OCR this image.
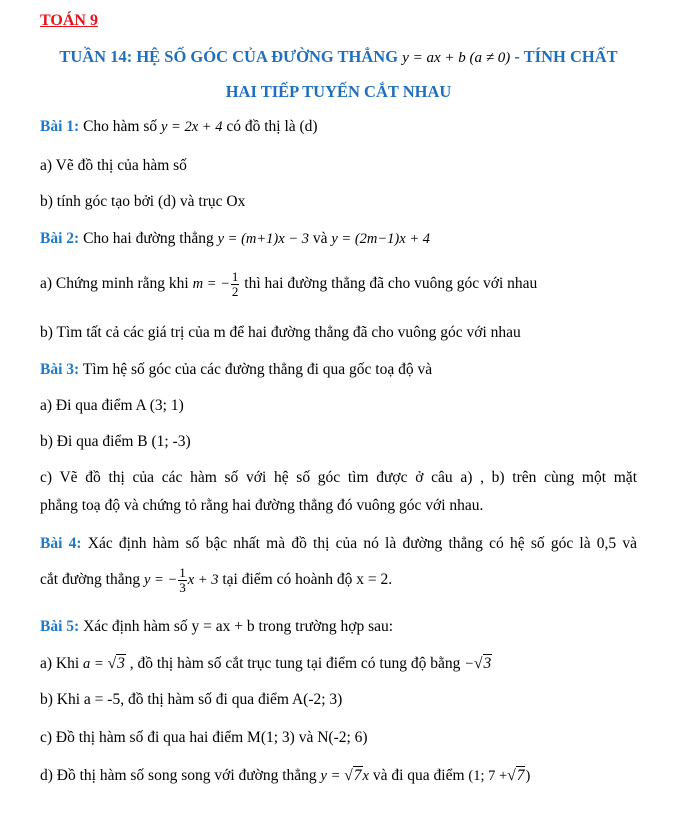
TOÁN 9
TUẦN 14: HỆ SỐ GÓC CỦA ĐƯỜNG THẲNG y = ax + b (a ≠ 0) - TÍNH CHẤT
HAI TIẾP TUYẾN CẮT NHAU
Bài 1: Cho hàm số y = 2x + 4 có đồ thị là (d)
a) Vẽ đồ thị của hàm số
b) tính góc tạo bởi (d) và trục Ox
Bài 2: Cho hai đường thẳng y = (m+1)x − 3 và y = (2m−1)x + 4
a) Chứng minh rằng khi m = − $\frac{1}{2}$ thì hai đường thẳng đã cho vuông góc với nhau
b) Tìm tất cả các giá trị của m để hai đường thẳng đã cho vuông góc với nhau
Bài 3: Tìm hệ số góc của các đường thẳng đi qua gốc toạ độ và
a) Đi qua điểm A (3; 1)
b) Đi qua điểm B (1; -3)
c) Vẽ đồ thị của các hàm số với hệ số góc tìm được ở câu a) , b) trên cùng một mặt
phẳng toạ độ và chứng tỏ rằng hai đường thẳng đó vuông góc với nhau.
Bài 4: Xác định hàm số bậc nhất mà đồ thị của nó là đường thẳng có hệ số góc là 0,5 và
cắt đường thẳng y = − $\frac{1}{3}$ x + 3 tại điểm có hoành độ x = 2.
Bài 5: Xác định hàm số y = ax + b trong trường hợp sau:
a) Khi a = √3 , đồ thị hàm số cắt trục tung tại điểm có tung độ bằng −√3
b) Khi a = -5, đồ thị hàm số đi qua điểm A(-2; 3)
c) Đồ thị hàm số đi qua hai điểm M(1; 3) và N(-2; 6)
d) Đồ thị hàm số song song với đường thẳng y = √7x và đi qua điểm (1; 7 +√7)
